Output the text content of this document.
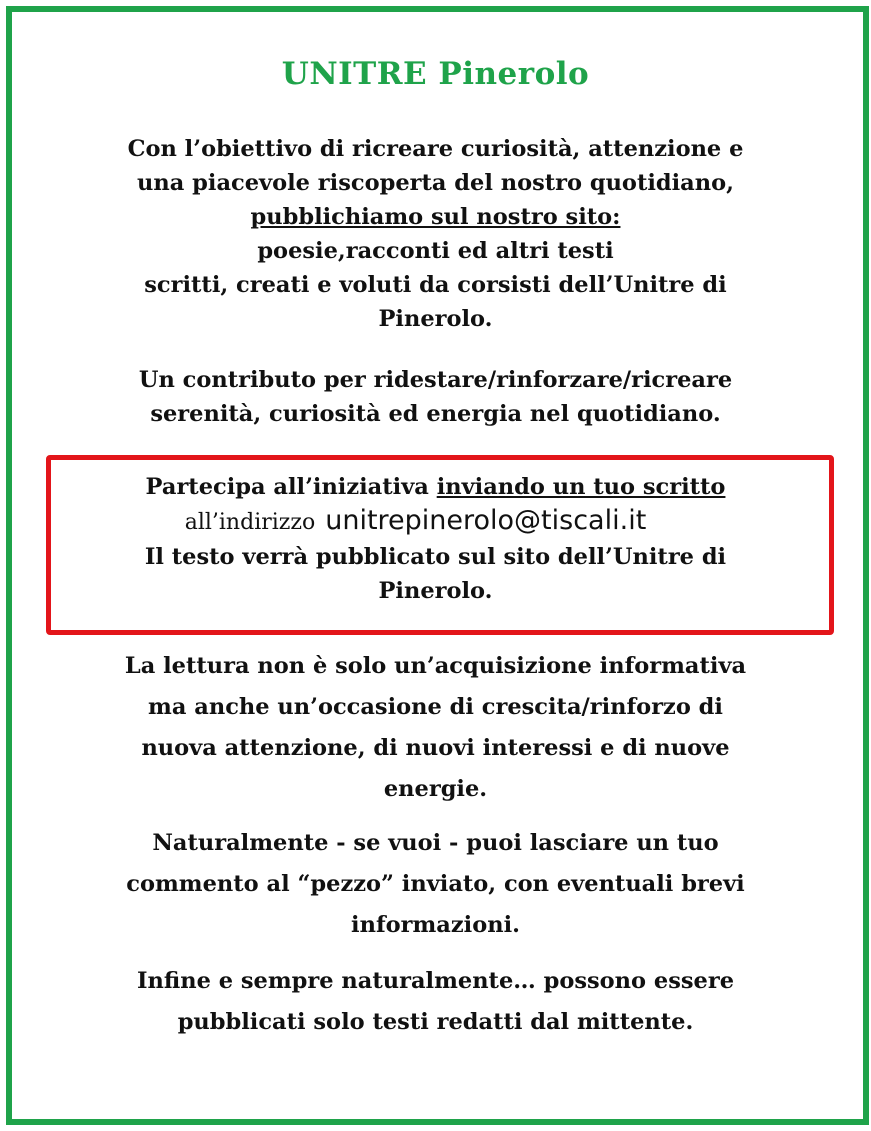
UNITRE Pinerolo
Con l’obiettivo di ricreare curiosità, attenzione e
una piacevole riscoperta del nostro quotidiano,
pubblichiamo sul nostro sito:
poesie,racconti ed altri testi
scritti, creati e voluti da corsisti dell’Unitre di
Pinerolo.
Un contributo per ridestare/rinforzare/ricreare
serenità, curiosità ed energia nel quotidiano.
Partecipa all’iniziativa inviando un tuo scritto
all’indirizzo unitrepinerolo@tiscali.it
Il testo verrà pubblicato sul sito dell’Unitre di
Pinerolo.
La lettura non è solo un’acquisizione informativa
ma anche un’occasione di crescita/rinforzo di
nuova attenzione, di nuovi interessi e di nuove
energie.
Naturalmente - se vuoi - puoi lasciare un tuo
commento al “pezzo” inviato, con eventuali brevi
informazioni.
Infine e sempre naturalmente… possono essere
pubblicati solo testi redatti dal mittente.
